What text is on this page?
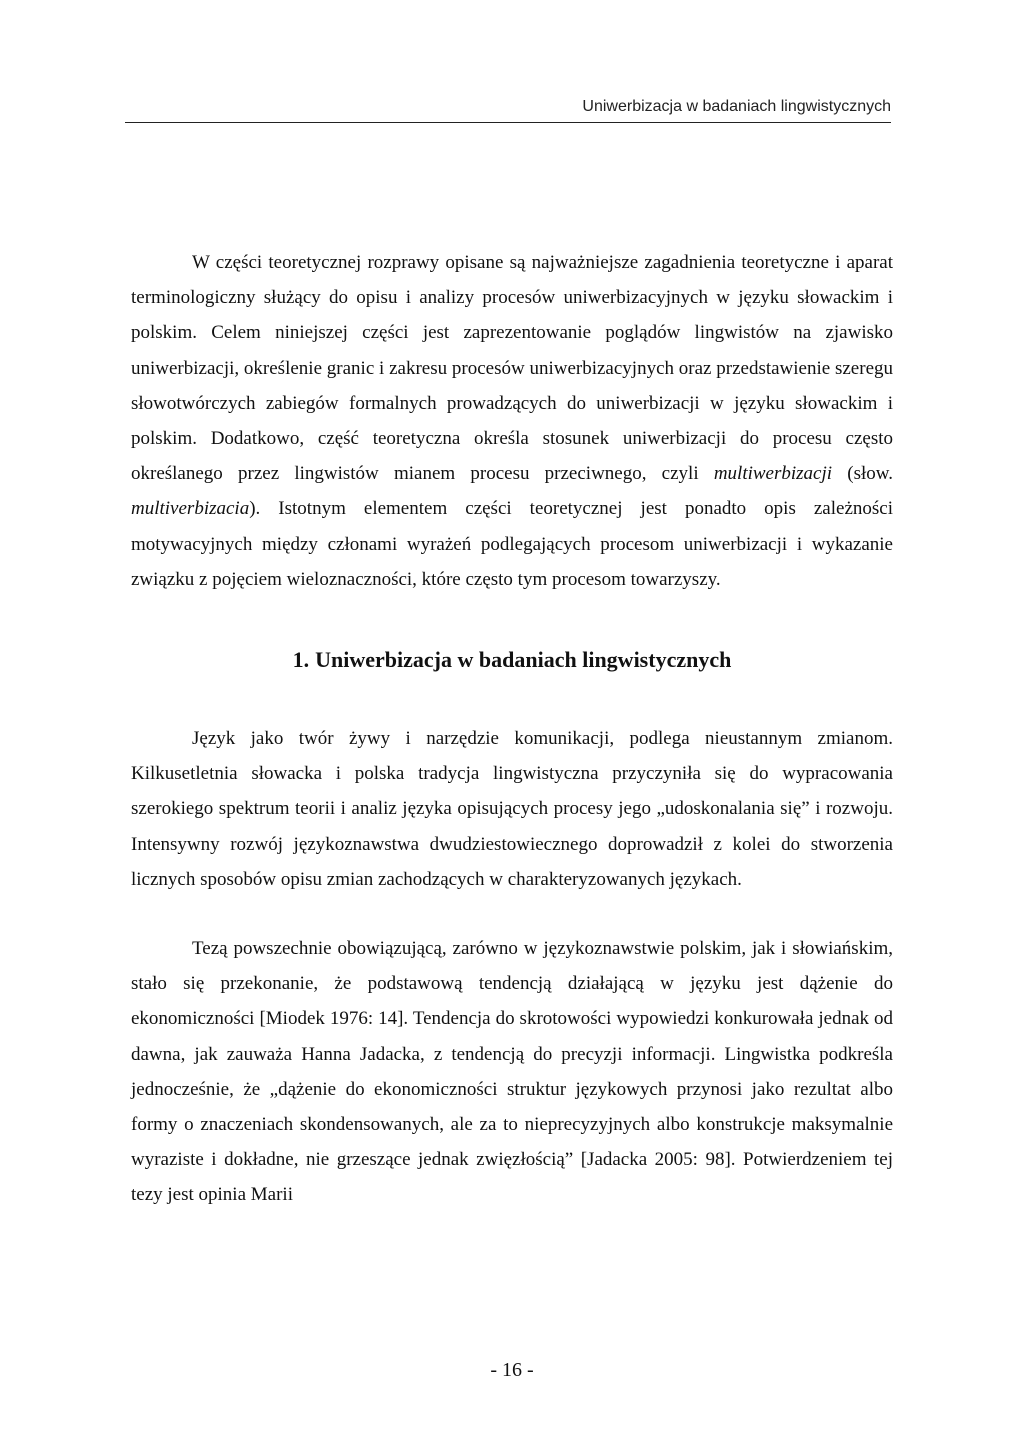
Uniwerbizacja w badaniach lingwistycznych

W części teoretycznej rozprawy opisane są najważniejsze zagadnienia teoretyczne i aparat terminologiczny służący do opisu i analizy procesów uniwerbizacyjnych w języku słowackim i polskim. Celem niniejszej części jest zaprezentowanie poglądów lingwistów na zjawisko uniwerbizacji, określenie granic i zakresu procesów uniwerbizacyjnych oraz przedstawienie szeregu słowotwórczych zabiegów formalnych prowadzących do uniwerbizacji w języku słowackim i polskim. Dodatkowo, część teoretyczna określa stosunek uniwerbizacji do procesu często określanego przez lingwistów mianem procesu przeciwnego, czyli multiwerbizacji (słow. multiverbizacia). Istotnym elementem części teoretycznej jest ponadto opis zależności motywacyjnych między członami wyrażeń podlegających procesom uniwerbizacji i wykazanie związku z pojęciem wieloznaczności, które często tym procesom towarzyszy.

1. Uniwerbizacja w badaniach lingwistycznych

Język jako twór żywy i narzędzie komunikacji, podlega nieustannym zmianom. Kilkusetletnia słowacka i polska tradycja lingwistyczna przyczyniła się do wypracowania szerokiego spektrum teorii i analiz języka opisujących procesy jego „udoskonalania się” i rozwoju. Intensywny rozwój językoznawstwa dwudziestowiecznego doprowadził z kolei do stworzenia licznych sposobów opisu zmian zachodzących w charakteryzowanych językach.

Tezą powszechnie obowiązującą, zarówno w językoznawstwie polskim, jak i słowiańskim, stało się przekonanie, że podstawową tendencją działającą w języku jest dążenie do ekonomiczności [Miodek 1976: 14]. Tendencja do skrotowości wypowiedzi konkurowała jednak od dawna, jak zauważa Hanna Jadacka, z tendencją do precyzji informacji. Lingwistka podkreśla jednocześnie, że „dążenie do ekonomiczności struktur językowych przynosi jako rezultat albo formy o znaczeniach skondensowanych, ale za to nieprecyzyjnych albo konstrukcje maksymalnie wyraziste i dokładne, nie grzeszące jednak zwięzłością” [Jadacka 2005: 98]. Potwierdzeniem tej tezy jest opinia Marii

- 16 -
